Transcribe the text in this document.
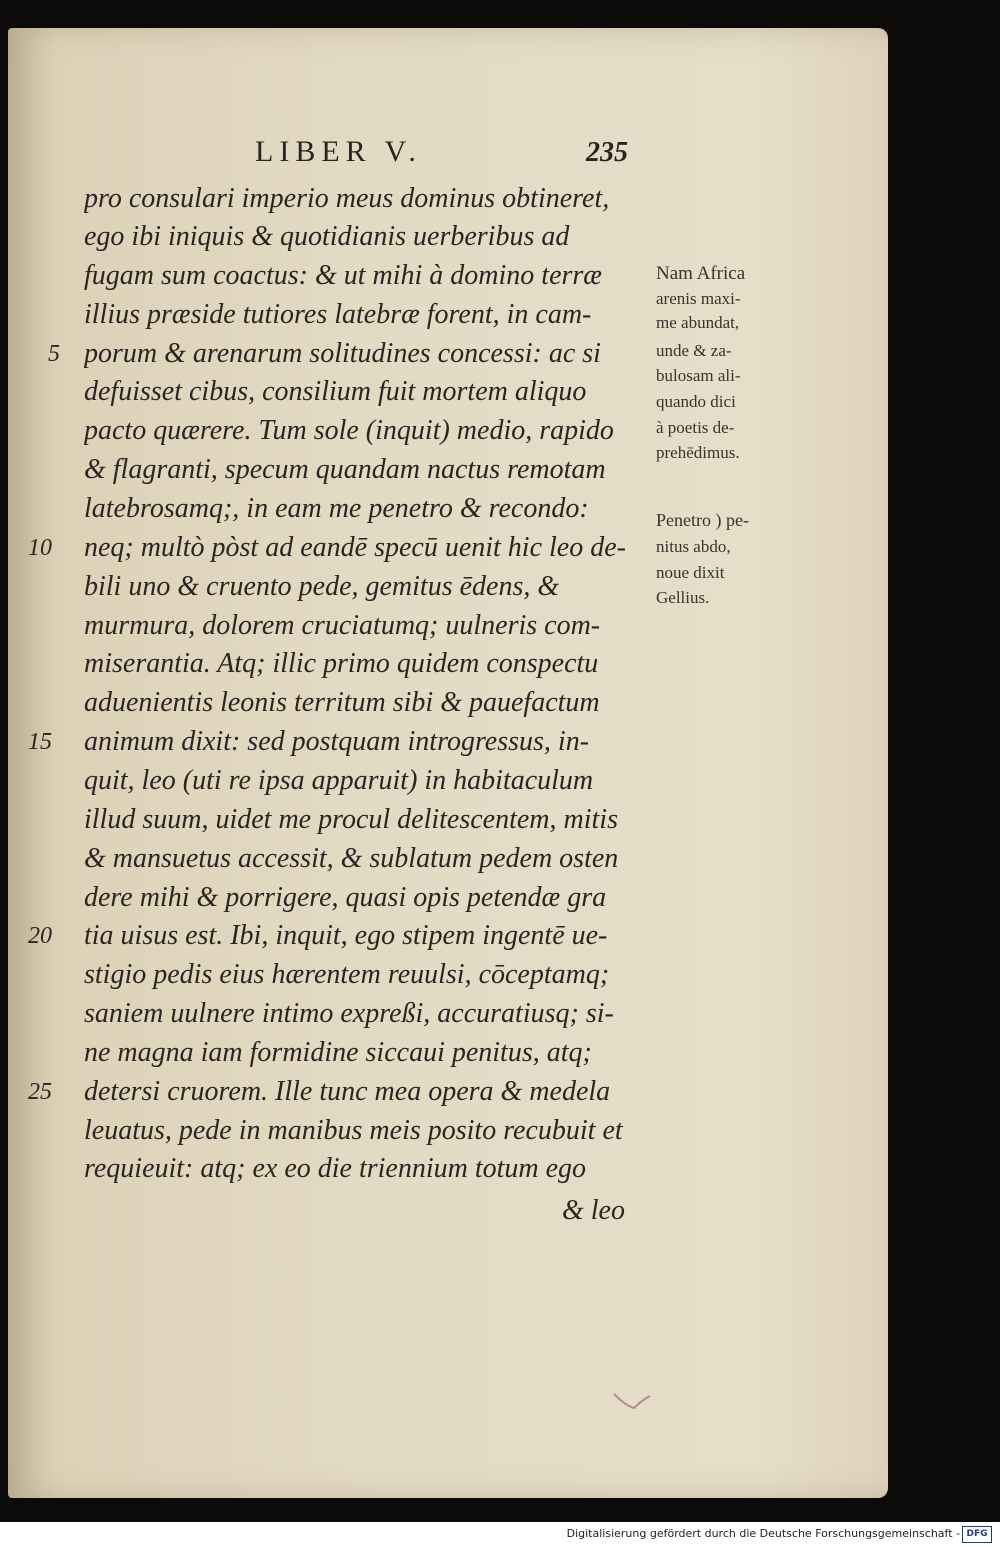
LIBER V.	235
pro consulari imperio meus dominus obtineret,
ego ibi iniquis & quotidianis uerberibus ad
fugam sum coactus: & ut mihi à domino terræ
illius præside tutiores latebræ forent, in cam-
porum & arenarum solitudines concessi: ac si
defuisset cibus, consilium fuit mortem aliquo
pacto quærere. Tum sole (inquit) medio, rapido
& flagranti, specum quandam nactus remotam
latebrosamq;, in eam me penetro & recondo:
neq; multò pòst ad eandē specū uenit hic leo de-
bili uno & cruento pede, gemitus ēdens, &
murmura, dolorem cruciatumq; uulneris com-
miserantia. Atq; illic primo quidem conspectu
aduenientis leonis territum sibi & pauefactum
animum dixit: sed postquam introgressus, in-
quit, leo (uti re ipsa apparuit) in habitaculum
illud suum, uidet me procul delitescentem, mitis
& mansuetus accessit, & sublatum pedem osten
dere mihi & porrigere, quasi opis petendæ gra
tia uisus est. Ibi, inquit, ego stipem ingentē ue-
stigio pedis eius hærentem reuulsi, cōceptamq;
saniem uulnere intimo expreßi, accuratiusq; si-
ne magna iam formidine siccaui penitus, atq;
detersi cruorem. Ille tunc mea opera & medela
leuatus, pede in manibus meis posito recubuit et
requieuit: atq; ex eo die triennium totum ego
5
10
15
20
25
Nam Africa
arenis maxi-
me abundat,
unde & za-
bulosam ali-
quando dici
à poetis de-
prehēdimus.
Penetro ) pe-
nitus abdo,
noue dixit
Gellius.
& leo
Digitalisierung gefördert durch die Deutsche Forschungsgemeinschaft - DFG
